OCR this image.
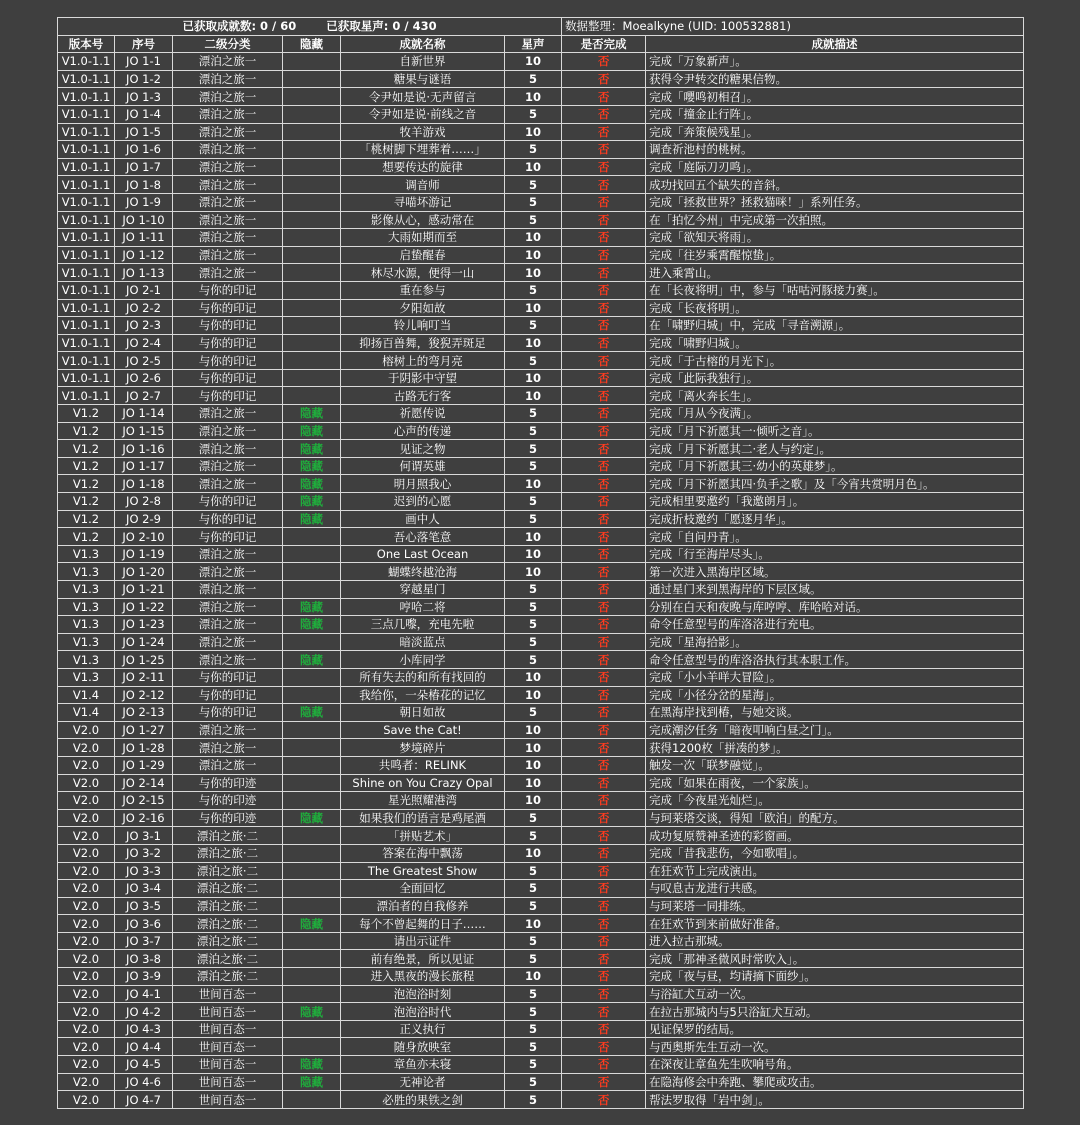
已获取成就数: 0 / 60 已获取星声: 0 / 430						数据整理：Moealkyne (UID: 100532881)	
版本号	序号	二级分类	隐藏	成就名称	星声	是否完成	成就描述
V1.0-1.1	JO 1-1	漂泊之旅一		自新世界	10	否	完成「万象新声」。
V1.0-1.1	JO 1-2	漂泊之旅一		糖果与谜语	5	否	获得令尹转交的糖果信物。
V1.0-1.1	JO 1-3	漂泊之旅一		令尹如是说·无声留言	10	否	完成「嚶鸣初相召」。
V1.0-1.1	JO 1-4	漂泊之旅一		令尹如是说·前线之音	5	否	完成「撞金止行阵」。
V1.0-1.1	JO 1-5	漂泊之旅一		牧羊游戏	10	否	完成「奔策候残星」。
V1.0-1.1	JO 1-6	漂泊之旅一		「桃树脚下埋葬着……」	5	否	调查祈池村的桃树。
V1.0-1.1	JO 1-7	漂泊之旅一		想要传达的旋律	10	否	完成「庭际刀刃鸣」。
V1.0-1.1	JO 1-8	漂泊之旅一		调音师	5	否	成功找回五个缺失的音斜。
V1.0-1.1	JO 1-9	漂泊之旅一		寻喵坏游记	5	否	完成「拯救世界？拯救猫咪！」系列任务。
V1.0-1.1	JO 1-10	漂泊之旅一		影像从心，感动常在	5	否	在「拍忆今州」中完成第一次拍照。
V1.0-1.1	JO 1-11	漂泊之旅一		大雨如期而至	10	否	完成「欲知天将雨」。
V1.0-1.1	JO 1-12	漂泊之旅一		启蛰醒春	10	否	完成「往岁乘霄醒惊蛰」。
V1.0-1.1	JO 1-13	漂泊之旅一		林尽水源，便得一山	10	否	进入乘霄山。
V1.0-1.1	JO 2-1	与你的印记		重在参与	5	否	在「长夜将明」中，参与「咕咕河豚接力赛」。
V1.0-1.1	JO 2-2	与你的印记		夕阳如故	10	否	完成「长夜将明」。
V1.0-1.1	JO 2-3	与你的印记		铃儿响叮当	5	否	在「啸野归城」中，完成「寻音溯源」。
V1.0-1.1	JO 2-4	与你的印记		抑扬百兽舞，狻猊弄斑足	10	否	完成「啸野归城」。
V1.0-1.1	JO 2-5	与你的印记		榕树上的弯月亮	5	否	完成「于古榕的月光下」。
V1.0-1.1	JO 2-6	与你的印记		于阴影中守望	10	否	完成「此际我独行」。
V1.0-1.1	JO 2-7	与你的印记		古路无行客	10	否	完成「离火奔长生」。
V1.2	JO 1-14	漂泊之旅一	隐藏	祈愿传说	5	否	完成「月从今夜满」。
V1.2	JO 1-15	漂泊之旅一	隐藏	心声的传递	5	否	完成「月下祈愿其一·倾听之音」。
V1.2	JO 1-16	漂泊之旅一	隐藏	见证之物	5	否	完成「月下祈愿其二·老人与约定」。
V1.2	JO 1-17	漂泊之旅一	隐藏	何谓英雄	5	否	完成「月下祈愿其三·幼小的英雄梦」。
V1.2	JO 1-18	漂泊之旅一	隐藏	明月照我心	10	否	完成「月下祈愿其四·负手之歌」及「今宵共赏明月色」。
V1.2	JO 2-8	与你的印记	隐藏	迟到的心愿	5	否	完成相里要邀约「我邀朗月」。
V1.2	JO 2-9	与你的印记	隐藏	画中人	5	否	完成折枝邀约「愿逐月华」。
V1.2	JO 2-10	与你的印记		吾心落笔意	10	否	完成「自问丹青」。
V1.3	JO 1-19	漂泊之旅一		One Last Ocean	10	否	完成「行至海岸尽头」。
V1.3	JO 1-20	漂泊之旅一		蝴蝶终越沧海	10	否	第一次进入黑海岸区域。
V1.3	JO 1-21	漂泊之旅一		穿越星门	5	否	通过星门来到黑海岸的下层区域。
V1.3	JO 1-22	漂泊之旅一	隐藏	哼哈二将	5	否	分别在白天和夜晚与库哼哼、库哈哈对话。
V1.3	JO 1-23	漂泊之旅一	隐藏	三点几嚟，充电先啦	5	否	命令任意型号的库洛洛进行充电。
V1.3	JO 1-24	漂泊之旅一		暗淡蓝点	5	否	完成「星海拾影」。
V1.3	JO 1-25	漂泊之旅一	隐藏	小库同学	5	否	命令任意型号的库洛洛执行其本职工作。
V1.3	JO 2-11	与你的印记		所有失去的和所有找回的	10	否	完成「小小羊咩大冒险」。
V1.4	JO 2-12	与你的印记		我给你，一朵椿花的记忆	10	否	完成「小径分岔的星海」。
V1.4	JO 2-13	与你的印记	隐藏	朝日如故	5	否	在黑海岸找到椿，与她交谈。
V2.0	JO 1-27	漂泊之旅一		Save the Cat!	10	否	完成潮汐任务「暗夜叩响白昼之门」。
V2.0	JO 1-28	漂泊之旅一		梦境碎片	10	否	获得1200枚「拼凑的梦」。
V2.0	JO 1-29	漂泊之旅一		共鸣者：RELINK	10	否	触发一次「联梦融觉」。
V2.0	JO 2-14	与你的印迹		Shine on You Crazy Opal	10	否	完成「如果在雨夜，一个家族」。
V2.0	JO 2-15	与你的印迹		星光照耀港湾	10	否	完成「今夜星光灿烂」。
V2.0	JO 2-16	与你的印迹	隐藏	如果我们的语言是鸡尾酒	5	否	与珂莱塔交谈，得知「欧泊」的配方。
V2.0	JO 3-1	漂泊之旅·二		「拼贴艺术」	5	否	成功复原赞神圣迹的彩窗画。
V2.0	JO 3-2	漂泊之旅·二		答案在海中飘荡	10	否	完成「昔我悲伤，今如歌唱」。
V2.0	JO 3-3	漂泊之旅·二		The Greatest Show	5	否	在狂欢节上完成演出。
V2.0	JO 3-4	漂泊之旅·二		全面回忆	5	否	与叹息古龙进行共感。
V2.0	JO 3-5	漂泊之旅·二		漂泊者的自我修养	5	否	与珂莱塔一同排练。
V2.0	JO 3-6	漂泊之旅·二	隐藏	每个不曾起舞的日子……	10	否	在狂欢节到来前做好准备。
V2.0	JO 3-7	漂泊之旅·二		请出示证件	5	否	进入拉古那城。
V2.0	JO 3-8	漂泊之旅·二		前有绝景，所以见证	5	否	完成「那神圣微风时常吹入」。
V2.0	JO 3-9	漂泊之旅·二		进入黑夜的漫长旅程	10	否	完成「夜与昼，均请摘下面纱」。
V2.0	JO 4-1	世间百态一		泡泡浴时刻	5	否	与浴缸犬互动一次。
V2.0	JO 4-2	世间百态一	隐藏	泡泡浴时代	5	否	在拉古那城内与5只浴缸犬互动。
V2.0	JO 4-3	世间百态一		正义执行	5	否	见证保罗的结局。
V2.0	JO 4-4	世间百态一		随身放映室	5	否	与西奥斯先生互动一次。
V2.0	JO 4-5	世间百态一	隐藏	章鱼亦未寝	5	否	在深夜让章鱼先生吹响号角。
V2.0	JO 4-6	世间百态一	隐藏	无神论者	5	否	在隐海修会中奔跑、攀爬或攻击。
V2.0	JO 4-7	世间百态一		必胜的果铁之剑	5	否	帮法罗取得「岩中剑」。
